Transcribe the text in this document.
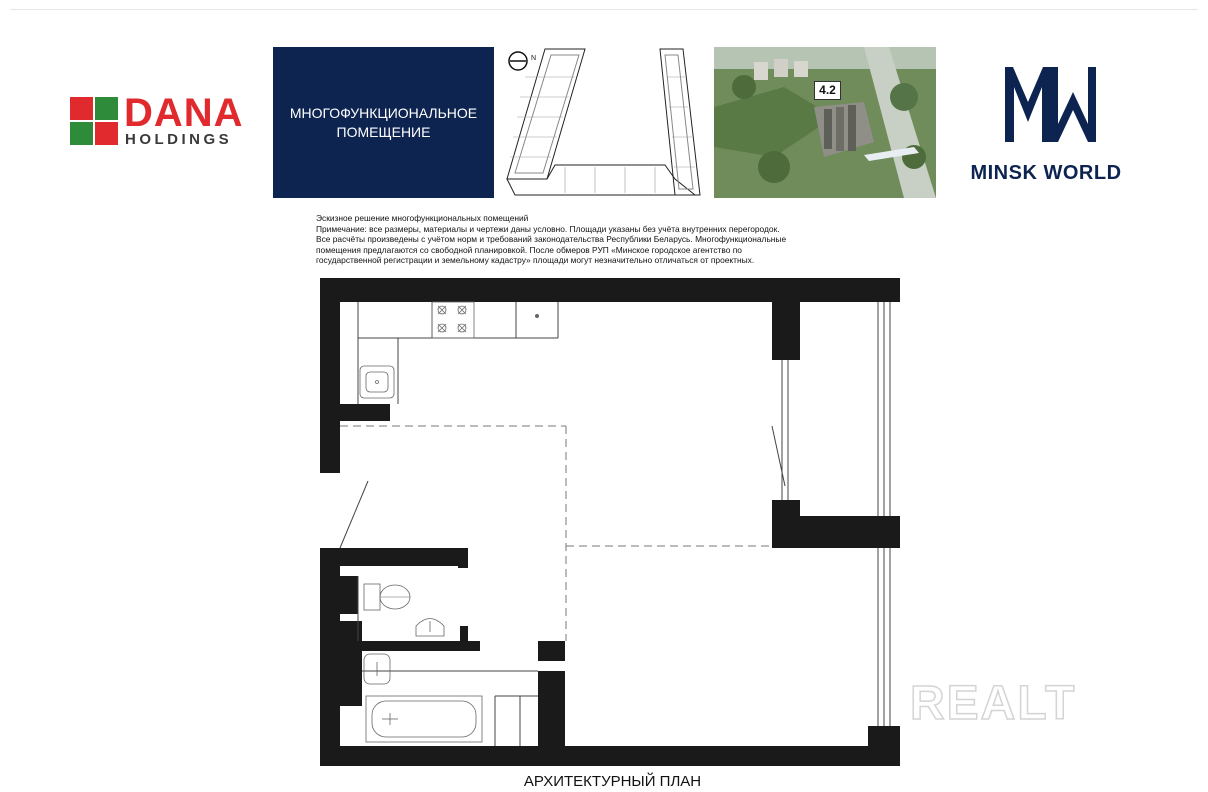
DANA
HOLDINGS
МНОГОФУНКЦИОНАЛЬНОЕ ПОМЕЩЕНИЕ
N
4.2
MINSK WORLD
Эскизное решение многофункциональных помещений
Примечание: все размеры, материалы и чертежи даны условно. Площади указаны без учёта внутренних перегородок.
Все расчёты произведены с учётом норм и требований законодательства Республики Беларусь. Многофункциональные
помещения предлагаются со свободной планировкой. После обмеров РУП «Минское городское агентство по
государственной регистрации и земельному кадастру» площади могут незначительно отличаться от проектных.
АРХИТЕКТУРНЫЙ ПЛАН
REALT
